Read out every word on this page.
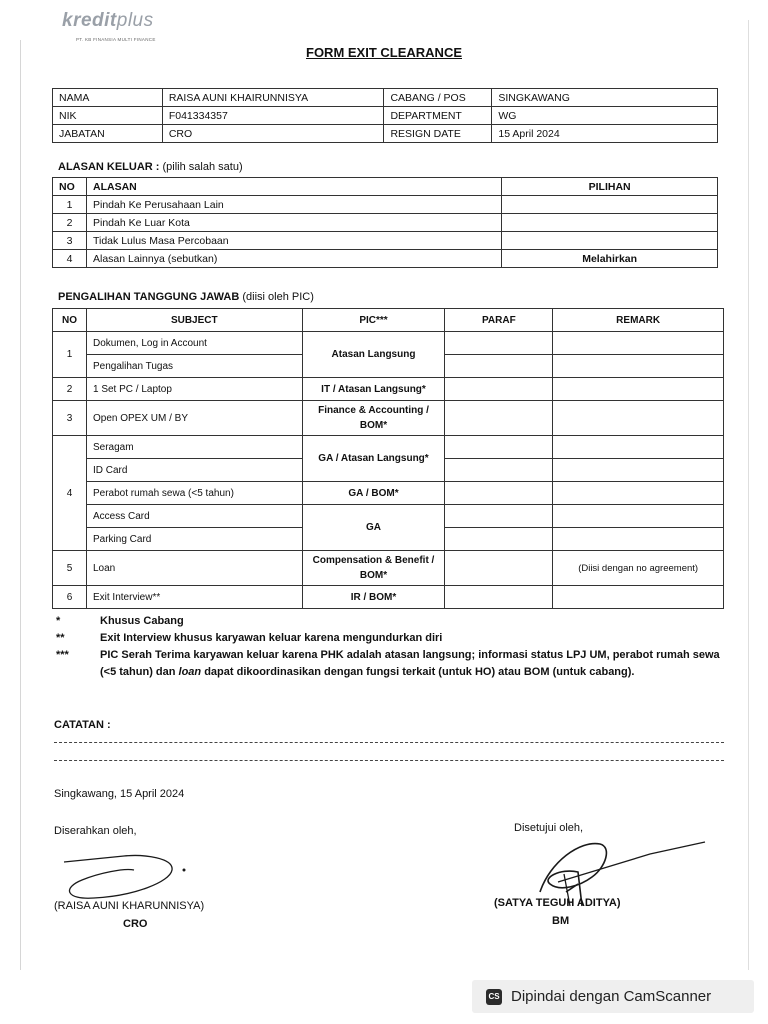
kreditplus
PT. KB FINANSIA MULTI FINANCE
FORM EXIT CLEARANCE
NAMA	RAISA AUNI KHAIRUNNISYA	CABANG / POS	SINGKAWANG
NIK	F041334357	DEPARTMENT	WG
JABATAN	CRO	RESIGN DATE	15 April 2024
ALASAN KELUAR : (pilih salah satu)
NO	ALASAN	PILIHAN
1	Pindah Ke Perusahaan Lain	
2	Pindah Ke Luar Kota	
3	Tidak Lulus Masa Percobaan	
4	Alasan Lainnya (sebutkan)	Melahirkan
PENGALIHAN TANGGUNG JAWAB (diisi oleh PIC)
NO	SUBJECT	PIC***	PARAF	REMARK
1	Dokumen, Log in Account	Atasan Langsung		
	Pengalihan Tugas			
2	1 Set PC / Laptop	IT / Atasan Langsung*		
3	Open OPEX UM / BY	Finance & Accounting / BOM*		
4	Seragam	GA / Atasan Langsung*		
	ID Card			
	Perabot rumah sewa (<5 tahun)	GA / BOM*		
	Access Card	GA		
	Parking Card			
5	Loan	Compensation & Benefit / BOM*		(Diisi dengan no agreement)
6	Exit Interview**	IR / BOM*		
*	Khusus Cabang
**	Exit Interview khusus karyawan keluar karena mengundurkan diri
***	PIC Serah Terima karyawan keluar karena PHK adalah atasan langsung; informasi status LPJ UM, perabot rumah sewa (<5 tahun) dan loan dapat dikoordinasikan dengan fungsi terkait (untuk HO) atau BOM (untuk cabang).
CATATAN :
Singkawang, 15 April 2024
Diserahkan oleh,	Disetujui oleh,
(RAISA AUNI KHARUNNISYA)
CRO
(SATYA TEGUH ADITYA)
BM
CS Dipindai dengan CamScanner
